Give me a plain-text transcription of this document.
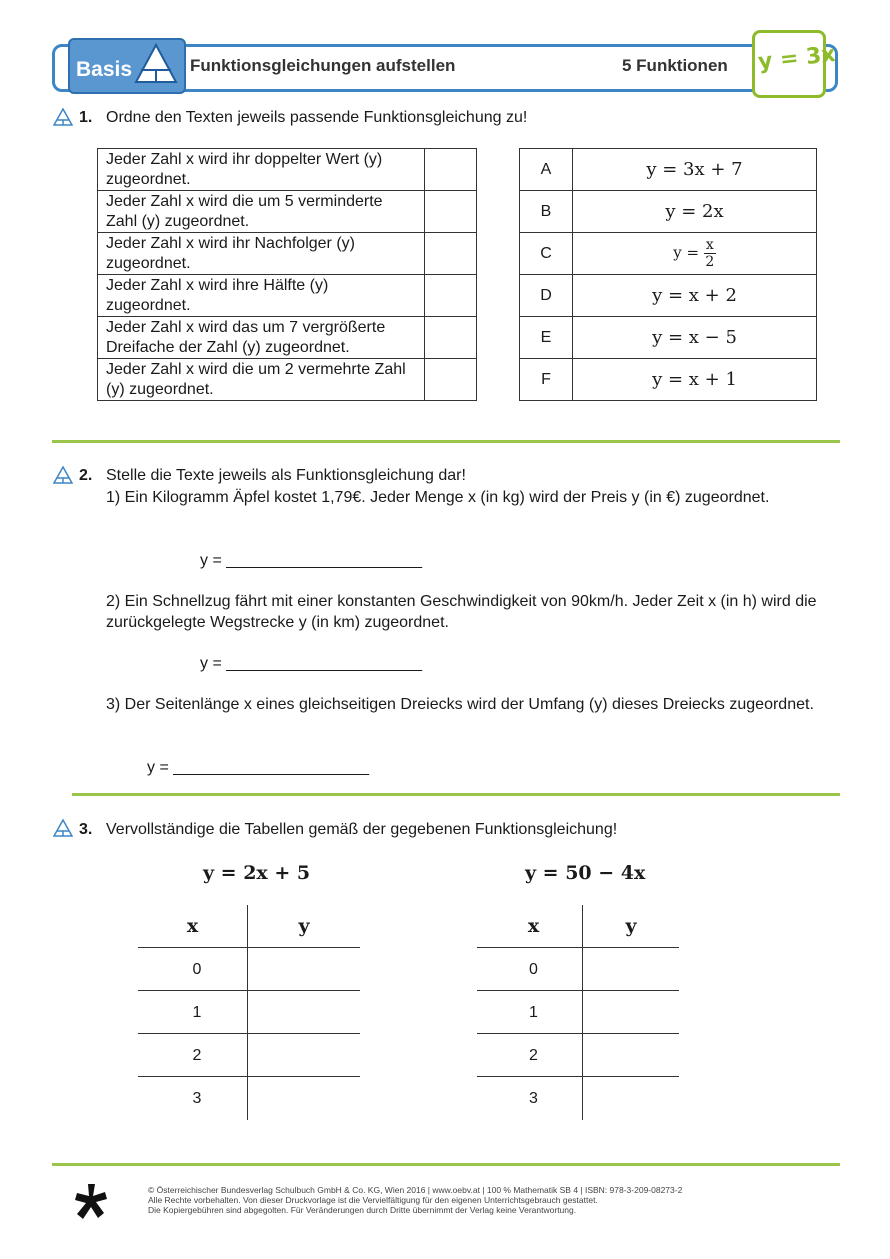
Basis	Funktionsgleichungen aufstellen	5 Funktionen y = 3x
1. Ordne den Texten jeweils passende Funktionsgleichung zu!
Jeder Zahl x wird ihr doppelter Wert (y) zugeordnet.	
Jeder Zahl x wird die um 5 verminderte Zahl (y) zugeordnet.	
Jeder Zahl x wird ihr Nachfolger (y) zugeordnet.	
Jeder Zahl x wird ihre Hälfte (y) zugeordnet.	
Jeder Zahl x wird das um 7 vergrößerte Dreifache der Zahl (y) zugeordnet.	
Jeder Zahl x wird die um 2 vermehrte Zahl (y) zugeordnet.	
A	y = 3x + 7
B	y = 2x
C	$y = \frac{x}{2}$

D	y = x + 2
E	y = x − 5
F	y = x + 1
2. Stelle die Texte jeweils als Funktionsgleichung dar!
1) Ein Kilogramm Äpfel kostet 1,79€. Jeder Menge x (in kg) wird der Preis y (in €) zugeordnet.
y = ______________________
2) Ein Schnellzug fährt mit einer konstanten Geschwindigkeit von 90km/h. Jeder Zeit x (in h) wird die zurückgelegte Wegstrecke y (in km) zugeordnet.
y = ______________________
3) Der Seitenlänge x eines gleichseitigen Dreiecks wird der Umfang (y) dieses Dreiecks zugeordnet.
y = ______________________
3. Vervollständige die Tabellen gemäß der gegebenen Funktionsgleichung!
y = 2x + 5	y = 50 − 4x
x	y
0
1
2
3
x	y
0
1
2
3
© Österreichischer Bundesverlag Schulbuch GmbH & Co. KG, Wien 2016 | www.oebv.at | 100 % Mathematik SB 4 | ISBN: 978-3-209-08273-2
Alle Rechte vorbehalten. Von dieser Druckvorlage ist die Vervielfältigung für den eigenen Unterrichtsgebrauch gestattet.
Die Kopiergebühren sind abgegolten. Für Veränderungen durch Dritte übernimmt der Verlag keine Verantwortung.
